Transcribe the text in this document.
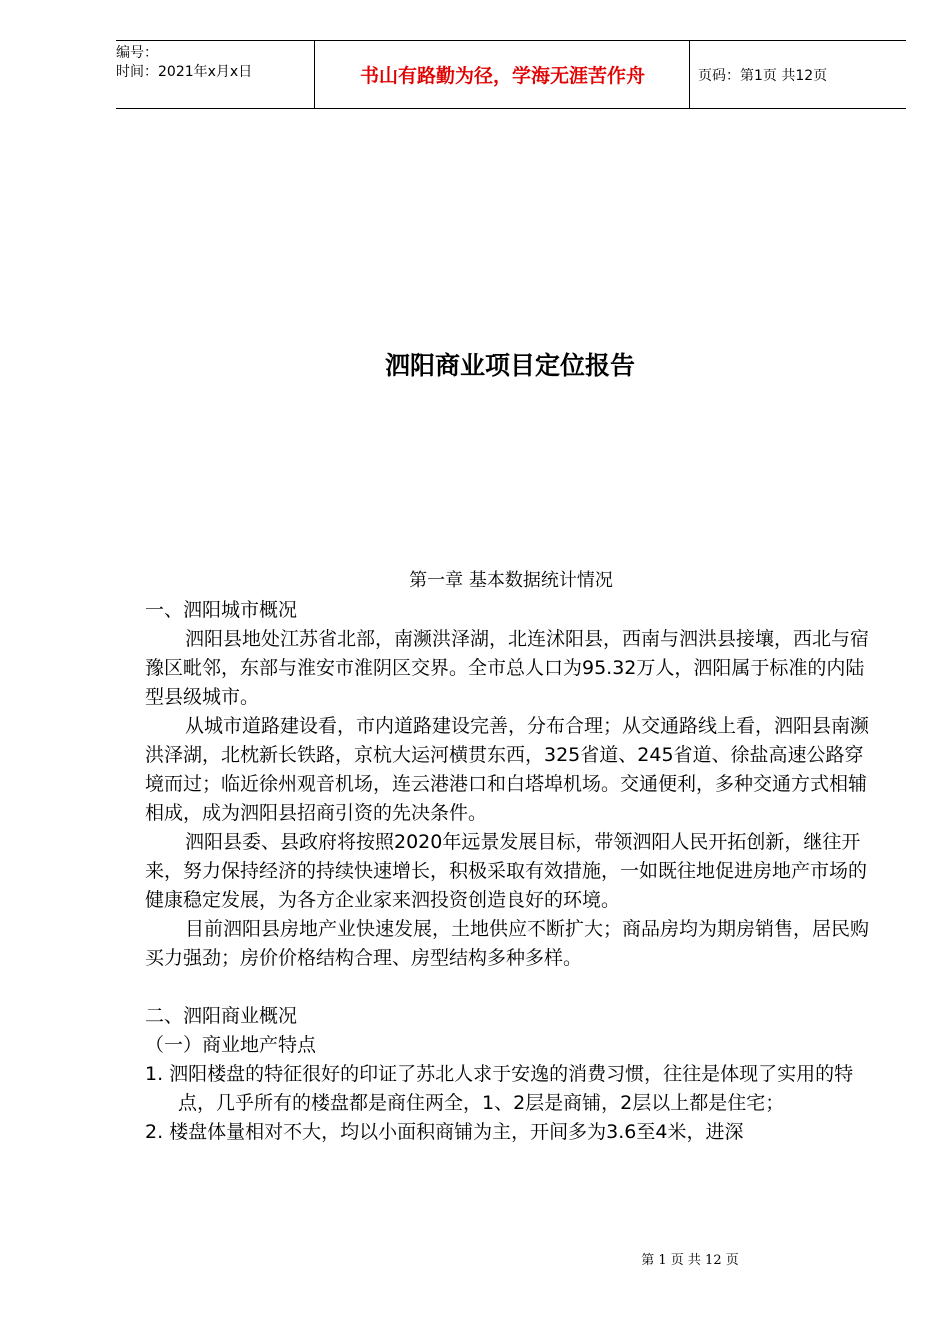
编号：
时间：2021年x月x日	书山有路勤为径，学海无涯苦作舟	页码：第1页 共12页
泗阳商业项目定位报告
第一章 基本数据统计情况

一、泗阳城市概况

泗阳县地处江苏省北部，南濒洪泽湖，北连沭阳县，西南与泗洪县接壤，西北与宿豫区毗邻，东部与淮安市淮阴区交界。全市总人口为95.32万人，泗阳属于标准的内陆型县级城市。

从城市道路建设看，市内道路建设完善，分布合理；从交通路线上看，泗阳县南濒洪泽湖，北枕新长铁路，京杭大运河横贯东西，325省道、245省道、徐盐高速公路穿境而过；临近徐州观音机场，连云港港口和白塔埠机场。交通便利，多种交通方式相辅相成，成为泗阳县招商引资的先决条件。

泗阳县委、县政府将按照2020年远景发展目标，带领泗阳人民开拓创新，继往开来，努力保持经济的持续快速增长，积极采取有效措施，一如既往地促进房地产市场的健康稳定发展，为各方企业家来泗投资创造良好的环境。

目前泗阳县房地产业快速发展，土地供应不断扩大；商品房均为期房销售，居民购买力强劲；房价价格结构合理、房型结构多种多样。

二、泗阳商业概况

（一）商业地产特点

1. 泗阳楼盘的特征很好的印证了苏北人求于安逸的消费习惯，往往是体现了实用的特点，几乎所有的楼盘都是商住两全，1、2层是商铺，2层以上都是住宅；

2. 楼盘体量相对不大，均以小面积商铺为主，开间多为3.6至4米，进深

第 1 页 共 12 页
